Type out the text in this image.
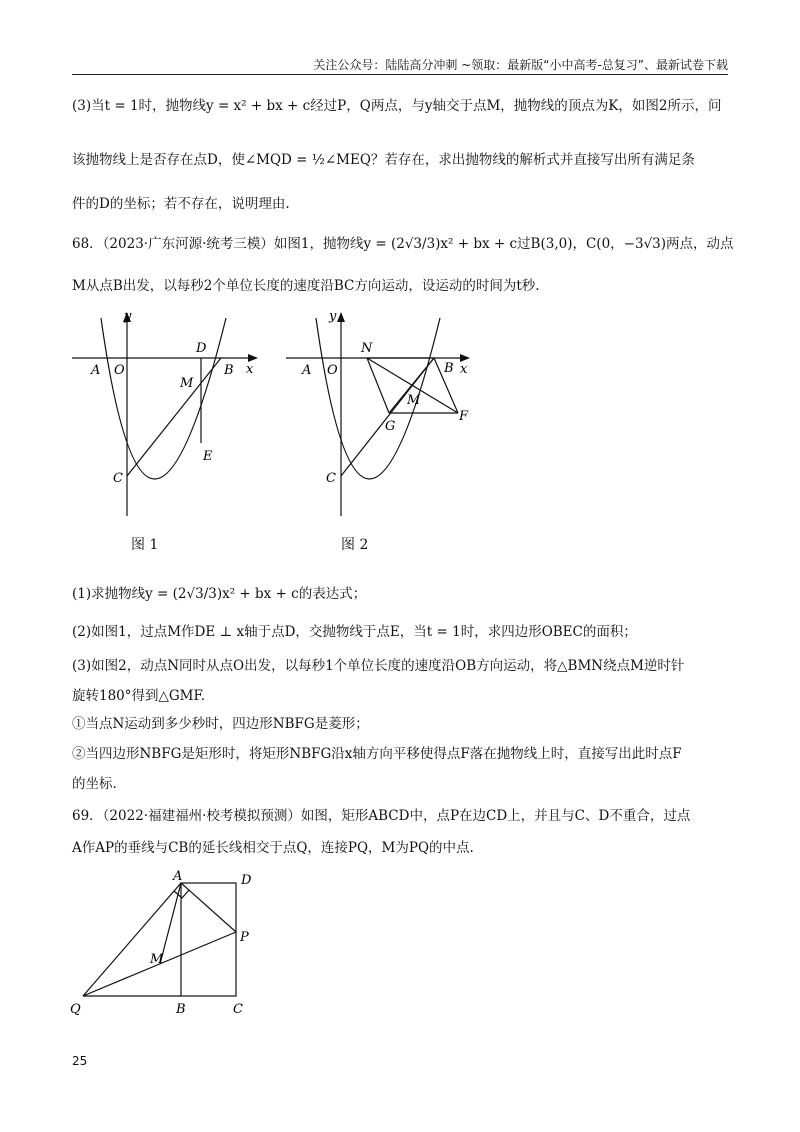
关注公众号：陆陆高分冲刺 ~领取：最新版“小中高考-总复习”、最新试卷下载
(3)当t = 1时，抛物线y = x² + bx + c经过P，Q两点，与y轴交于点M，抛物线的顶点为K，如图2所示，问
该抛物线上是否存在点D，使∠MQD = ½∠MEQ？若存在，求出抛物线的解析式并直接写出所有满足条
件的D的坐标；若不存在，说明理由.
68．（2023·广东河源·统考三模）如图1，抛物线y = (2√3/3)x² + bx + c过B(3,0)，C(0，−3√3)两点，动点
M从点B出发，以每秒2个单位长度的速度沿BC方向运动，设运动的时间为t秒.
y
x
A O
D
B
M
C
E
图 1
y
x
A O
N
B
M
G
F
C
图 2
(1)求抛物线y = (2√3/3)x² + bx + c的表达式；
(2)如图1，过点M作DE ⊥ x轴于点D，交抛物线于点E，当t = 1时，求四边形OBEC的面积；
(3)如图2，动点N同时从点O出发，以每秒1个单位长度的速度沿OB方向运动，将△BMN绕点M逆时针
旋转180°得到△GMF.
①当点N运动到多少秒时，四边形NBFG是菱形；
②当四边形NBFG是矩形时，将矩形NBFG沿x轴方向平移使得点F落在抛物线上时，直接写出此时点F
的坐标.
69．（2022·福建福州·校考模拟预测）如图，矩形ABCD中，点P在边CD上，并且与C、D不重合，过点
A作AP的垂线与CB的延长线相交于点Q，连接PQ，M为PQ的中点.
A	D
P
M
Q	B	C
25
